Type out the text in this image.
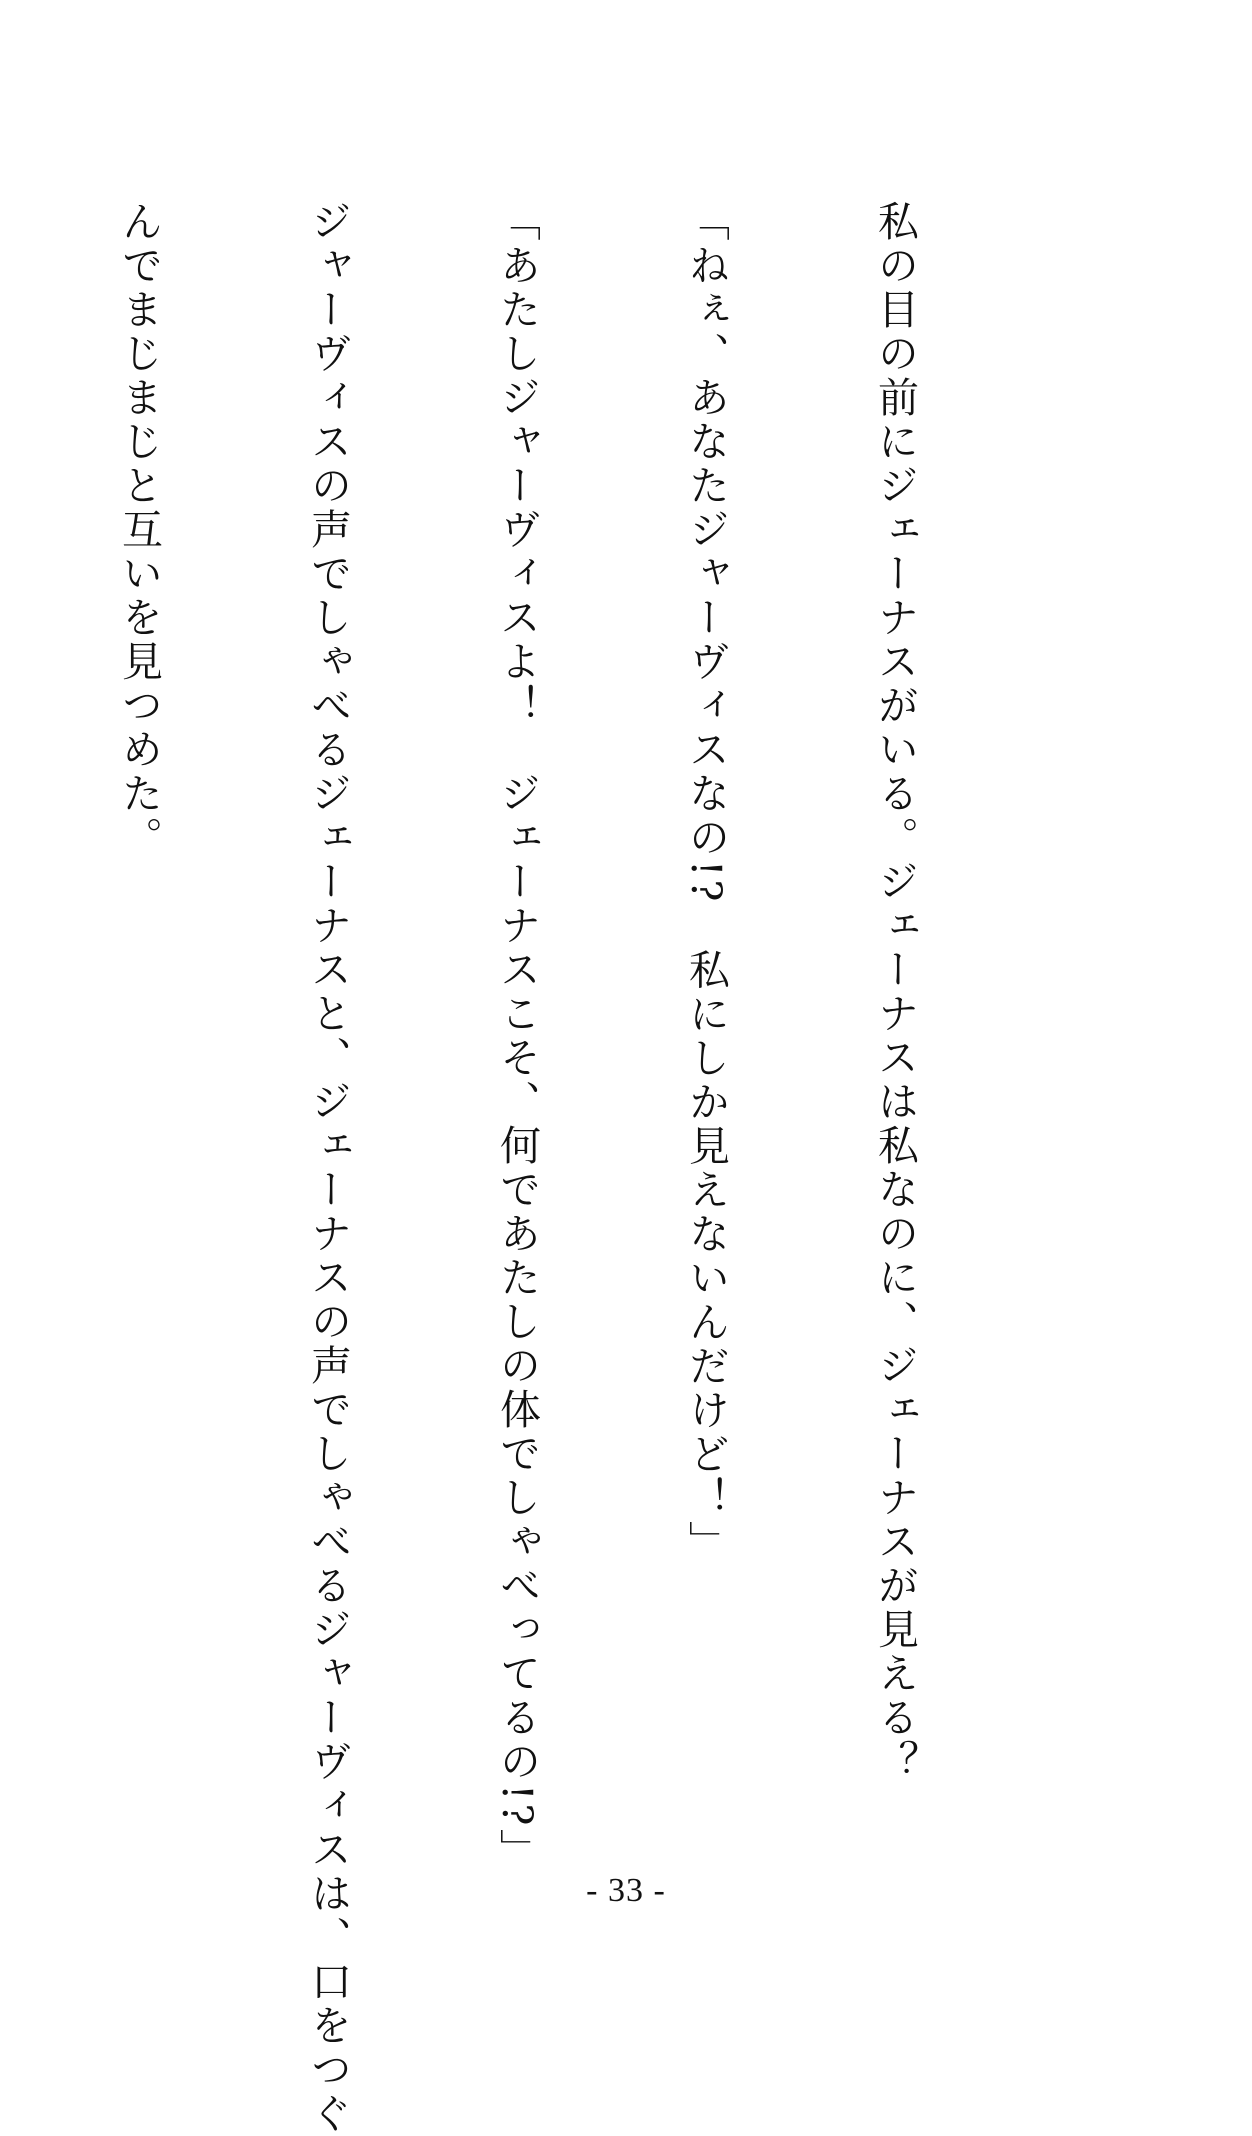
私の目の前にジェーナスがいる。ジェーナスは私なのに、ジェーナスが見える？

「ねぇ、あなたジャーヴィスなの!?　私にしか見えないんだけど！」

「あたしジャーヴィスよ！　ジェーナスこそ、何であたしの体でしゃべってるの!?」

ジャーヴィスの声でしゃべるジェーナスと、ジェーナスの声でしゃべるジャーヴィスは、口をつぐ

んでまじまじと互いを見つめた。

- 33 -
